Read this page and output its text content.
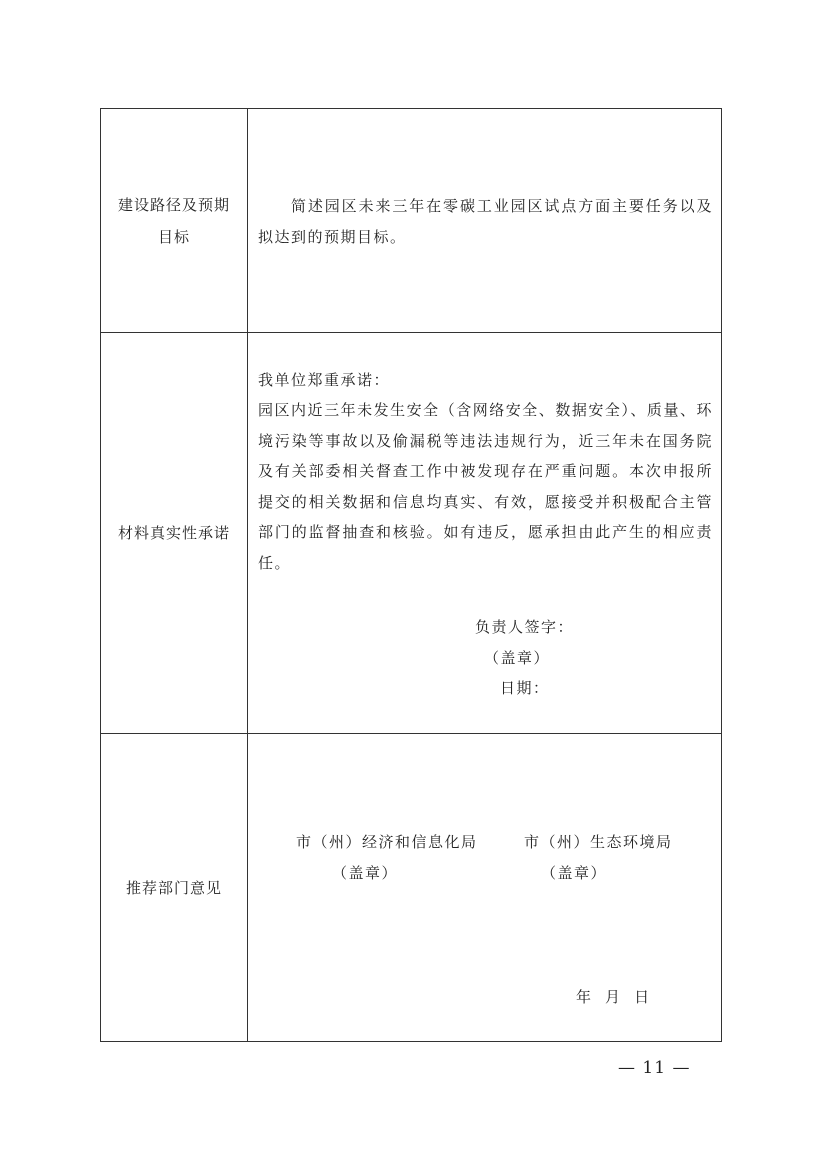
建设路径及预期
目标
简述园区未来三年在零碳工业园区试点方面主要任务以及拟达到的预期目标。
材料真实性承诺
我单位郑重承诺：
园区内近三年未发生安全（含网络安全、数据安全）、质量、环境污染等事故以及偷漏税等违法违规行为，近三年未在国务院及有关部委相关督查工作中被发现存在严重问题。本次申报所提交的相关数据和信息均真实、有效，愿接受并积极配合主管部门的监督抽查和核验。如有违反，愿承担由此产生的相应责任。
负责人签字：
（盖章）
日期：
推荐部门意见
市（州）经济和信息化局
（盖章）
市（州）生态环境局
（盖章）
年  月  日
— 11 —
